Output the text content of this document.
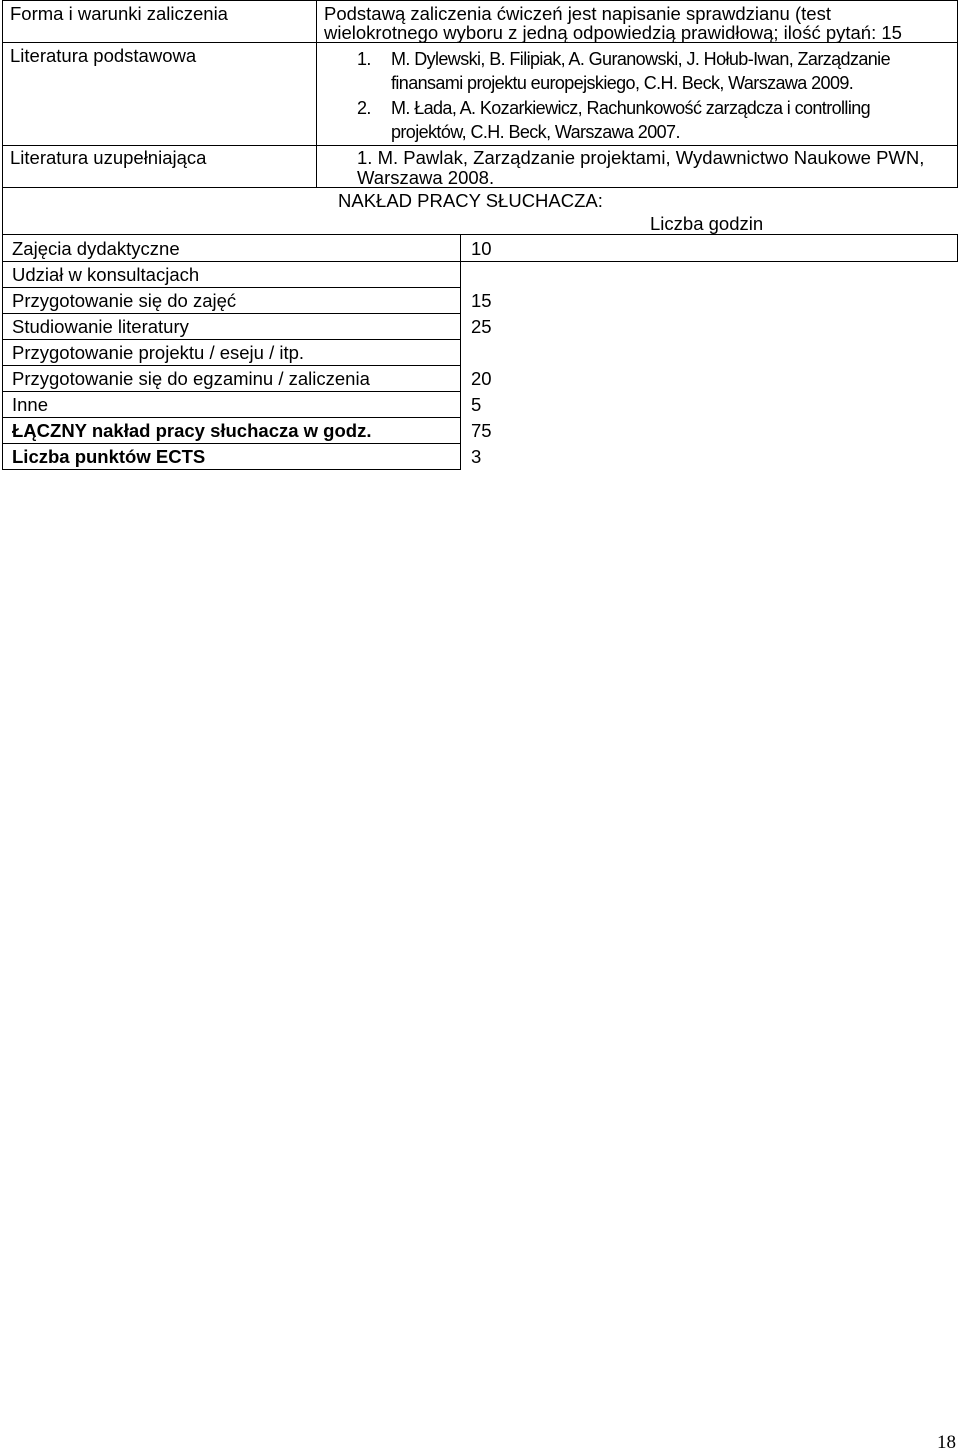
Forma i warunki zaliczenia	Podstawą zaliczenia ćwiczeń jest napisanie sprawdzianu (test
wielokrotnego wyboru z jedną odpowiedzią prawidłową; ilość pytań: 15
Literatura podstawowa	1. M. Dylewski, B. Filipiak, A. Guranowski, J. Hołub-Iwan, Zarządzanie
finansami projektu europejskiego, C.H. Beck, Warszawa 2009.
2. M. Łada, A. Kozarkiewicz, Rachunkowość zarządcza i controlling
projektów, C.H. Beck, Warszawa 2007.
Literatura uzupełniająca	1. M. Pawlak, Zarządzanie projektami, Wydawnictwo Naukowe PWN,
Warszawa 2008.
NAKŁAD PRACY SŁUCHACZA:
Liczba godzin
Zajęcia dydaktyczne	10
Udział w konsultacjach
Przygotowanie się do zajęć	15
Studiowanie literatury	25
Przygotowanie projektu / eseju / itp.
Przygotowanie się do egzaminu / zaliczenia	20
Inne	5
ŁĄCZNY nakład pracy słuchacza w godz.	75
Liczba punktów ECTS	3
18
